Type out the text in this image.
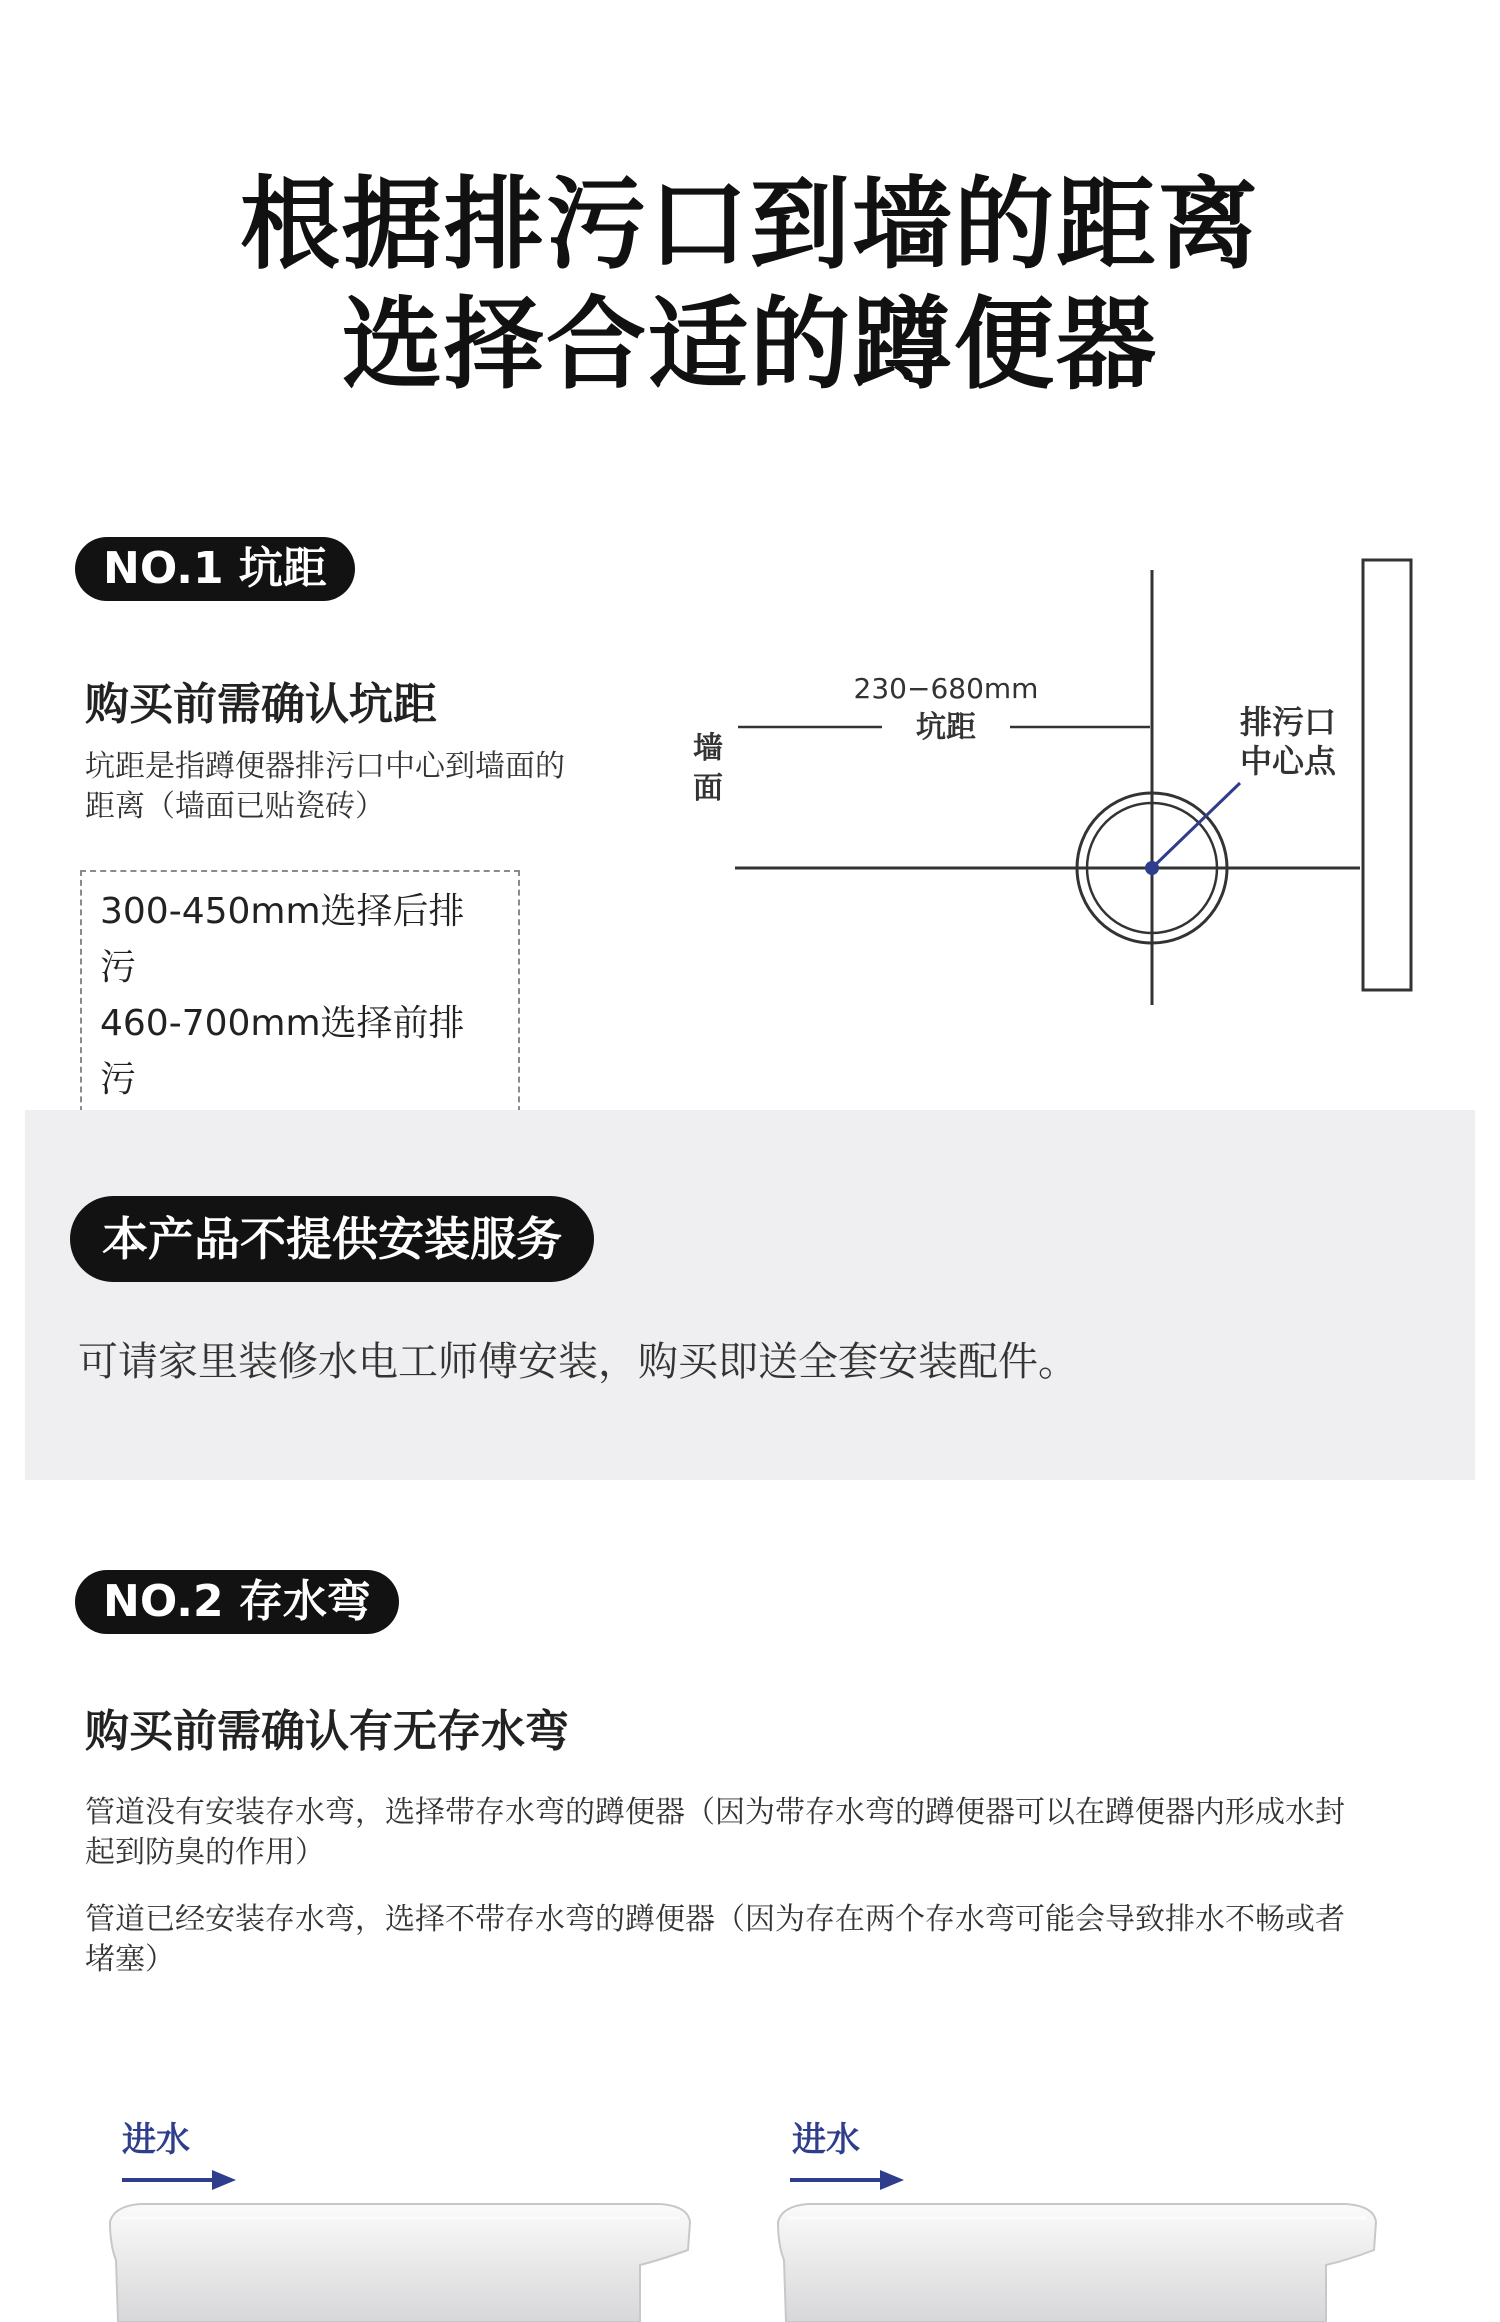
根据排污口到墙的距离
选择合适的蹲便器
NO.1 坑距
购买前需确认坑距
坑距是指蹲便器排污口中心到墙面的
距离（墙面已贴瓷砖）
300-450mm选择后排污
460-700mm选择前排污
墙
面
230−680mm
坑距	排污口
中心点
本产品不提供安装服务
可请家里装修水电工师傅安装，购买即送全套安装配件。
NO.2 存水弯
购买前需确认有无存水弯
管道没有安装存水弯，选择带存水弯的蹲便器（因为带存水弯的蹲便器可以在蹲便器内形成水封
起到防臭的作用）
管道已经安装存水弯，选择不带存水弯的蹲便器（因为存在两个存水弯可能会导致排水不畅或者
堵塞）
进水	进水
